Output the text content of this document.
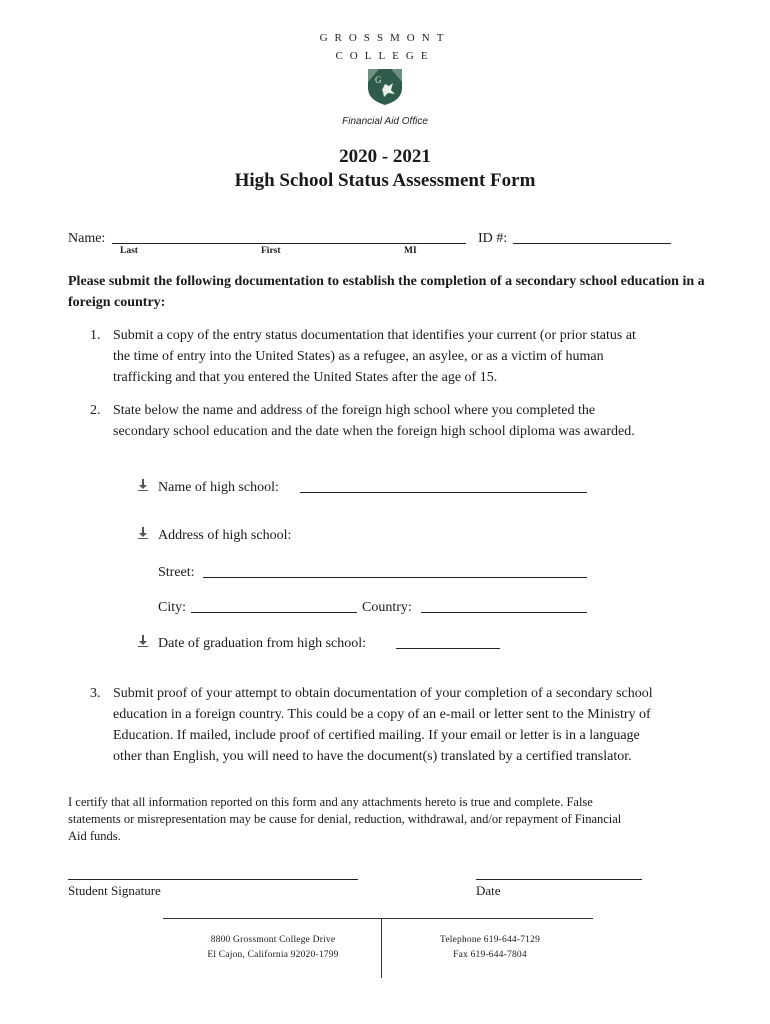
GROSSMONT
COLLEGE
G
Financial Aid Office
2020 - 2021
High School Status Assessment Form
Name:
Last	First	MI
ID #:
Please submit the following documentation to establish the completion of a secondary school education in a foreign country:
1. Submit a copy of the entry status documentation that identifies your current (or prior status at
the time of entry into the United States) as a refugee, an asylee, or as a victim of human
trafficking and that you entered the United States after the age of 15.
2. State below the name and address of the foreign high school where you completed the
secondary school education and the date when the foreign high school diploma was awarded.
Name of high school:
Address of high school:
Street:
City:	Country:
Date of graduation from high school:
3. Submit proof of your attempt to obtain documentation of your completion of a secondary school
education in a foreign country. This could be a copy of an e-mail or letter sent to the Ministry of
Education. If mailed, include proof of certified mailing. If your email or letter is in a language
other than English, you will need to have the document(s) translated by a certified translator.
I certify that all information reported on this form and any attachments hereto is true and complete. False
statements or misrepresentation may be cause for denial, reduction, withdrawal, and/or repayment of Financial
Aid funds.
Student Signature	Date
8800 Grossmont College Drive
El Cajon, California 92020-1799
Telephone 619-644-7129
Fax 619-644-7804
